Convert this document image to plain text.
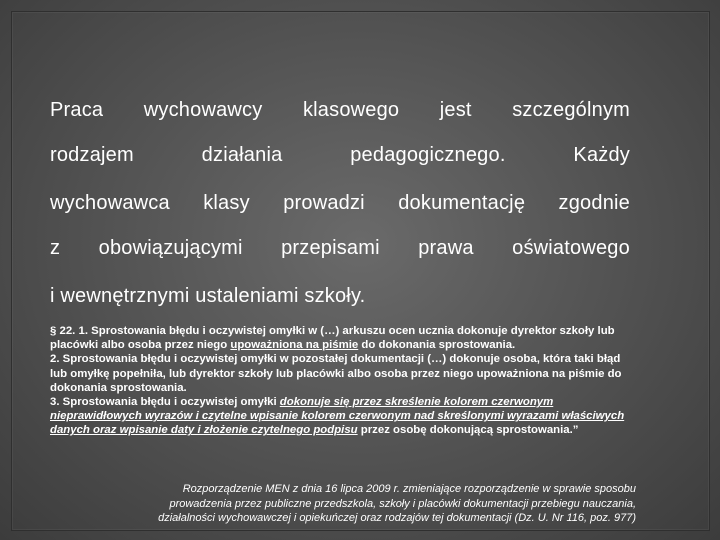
Praca wychowawcy klasowego jest szczególnym
rodzajem	działania	pedagogicznego.	Każdy
wychowawca klasy prowadzi dokumentację zgodnie
z obowiązującymi przepisami prawa oświatowego
i wewnętrznymi ustaleniami szkoły.

§ 22. 1. Sprostowania błędu i oczywistej omyłki w (…) arkuszu ocen ucznia dokonuje dyrektor szkoły lub placówki albo osoba przez niego upoważniona na piśmie do dokonania sprostowania.

2. Sprostowania błędu i oczywistej omyłki w pozostałej dokumentacji (…) dokonuje osoba, która taki błąd lub omyłkę popełniła, lub dyrektor szkoły lub placówki albo osoba przez niego upoważniona na piśmie do dokonania sprostowania.

3. Sprostowania błędu i oczywistej omyłki dokonuje się przez skreślenie kolorem czerwonym nieprawidłowych wyrazów i czytelne wpisanie kolorem czerwonym nad skreślonymi wyrazami właściwych danych oraz wpisanie daty i złożenie czytelnego podpisu przez osobę dokonującą sprostowania.”

Rozporządzenie MEN z dnia 16 lipca 2009 r. zmieniające rozporządzenie w sprawie sposobu
prowadzenia przez publiczne przedszkola, szkoły i placówki dokumentacji przebiegu nauczania,
działalności wychowawczej i opiekuńczej oraz rodzajów tej dokumentacji (Dz. U. Nr 116, poz. 977)
